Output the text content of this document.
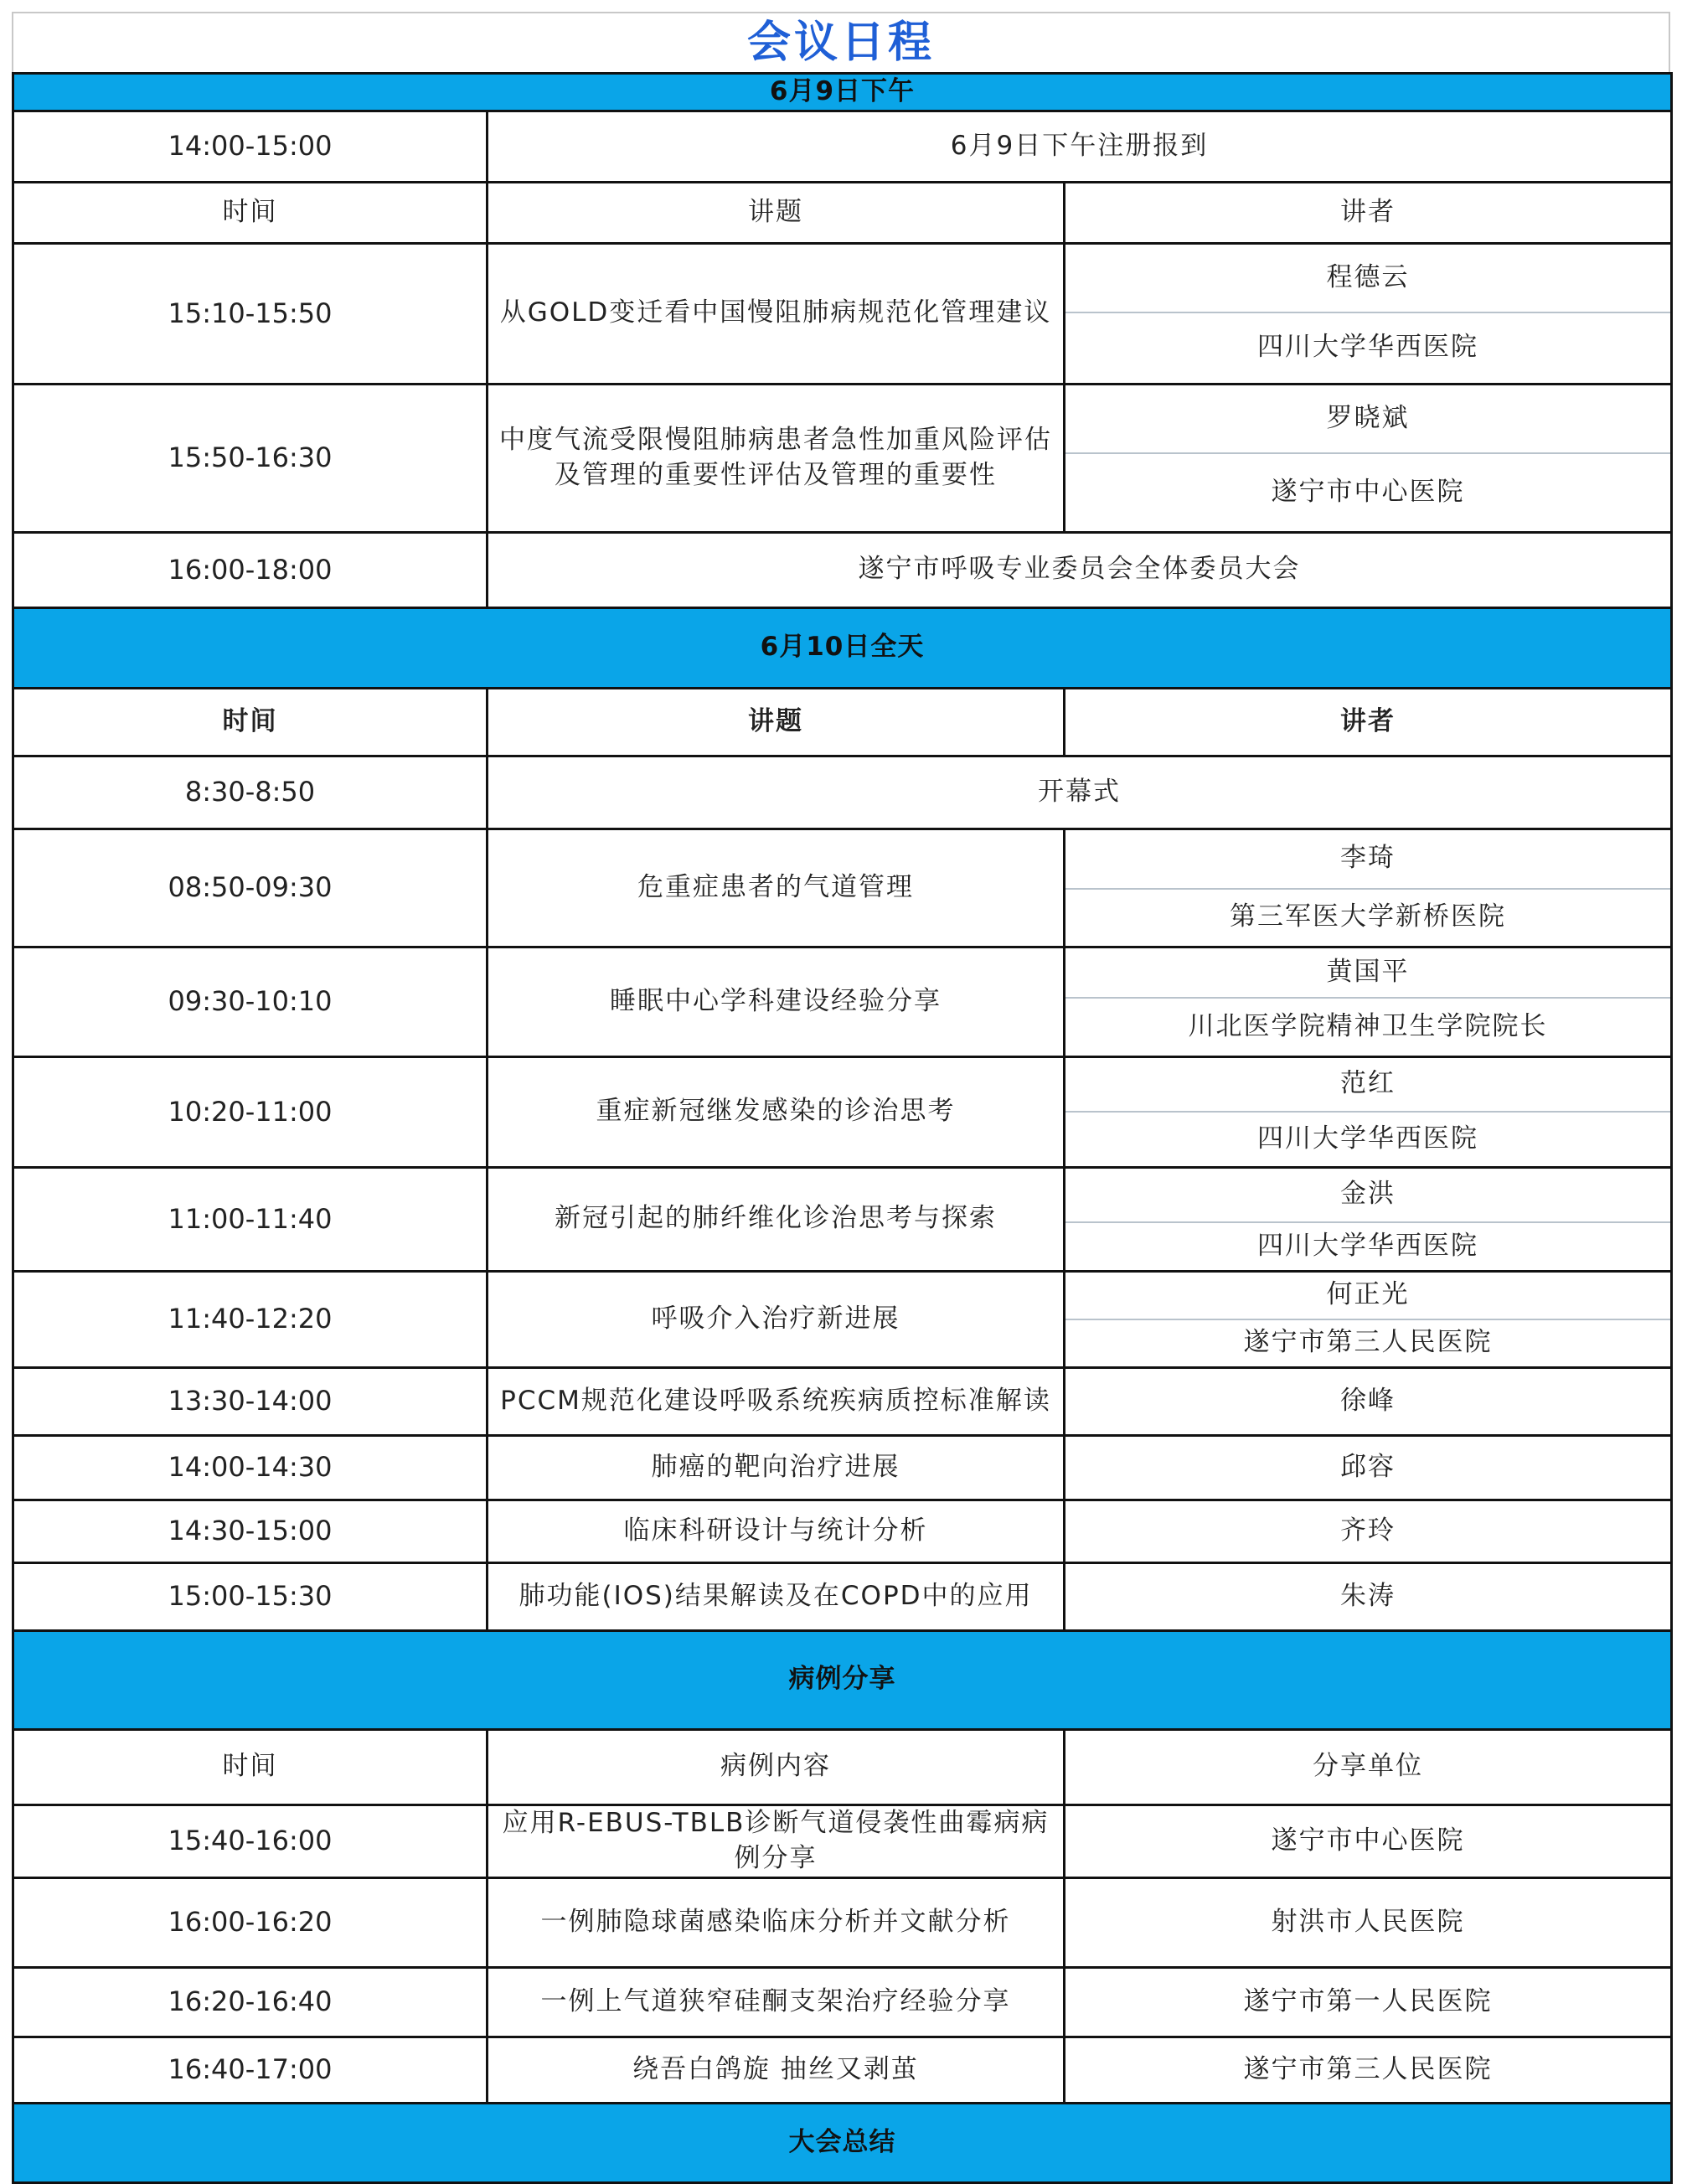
会议日程
6月9日下午		
14:00-15:00	6月9日下午注册报到	
时间	讲题	讲者
15:10-15:50	从GOLD变迁看中国慢阻肺病规范化管理建议	程德云
四川大学华西医院

15:50-16:30	中度气流受限慢阻肺病患者急性加重风险评估及管理的重要性评估及管理的重要性	罗晓斌
遂宁市中心医院

16:00-18:00	遂宁市呼吸专业委员会全体委员大会	
6月10日全天		
时间	讲题	讲者
8:30-8:50	开幕式	
08:50-09:30	危重症患者的气道管理	李琦
第三军医大学新桥医院

09:30-10:10	睡眠中心学科建设经验分享	黄国平
川北医学院精神卫生学院院长

10:20-11:00	重症新冠继发感染的诊治思考	范红
四川大学华西医院

11:00-11:40	新冠引起的肺纤维化诊治思考与探索	金洪
四川大学华西医院

11:40-12:20	呼吸介入治疗新进展	何正光
遂宁市第三人民医院

13:30-14:00	PCCM规范化建设呼吸系统疾病质控标准解读	徐峰
14:00-14:30	肺癌的靶向治疗进展	邱容
14:30-15:00	临床科研设计与统计分析	齐玲
15:00-15:30	肺功能(IOS)结果解读及在COPD中的应用	朱涛
病例分享		
时间	病例内容	分享单位
15:40-16:00	应用R-EBUS-TBLB诊断气道侵袭性曲霉病病例分享	遂宁市中心医院
16:00-16:20	一例肺隐球菌感染临床分析并文献分析	射洪市人民医院
16:20-16:40	一例上气道狭窄硅酮支架治疗经验分享	遂宁市第一人民医院
16:40-17:00	绕吾白鸽旋 抽丝又剥茧	遂宁市第三人民医院
大会总结		
